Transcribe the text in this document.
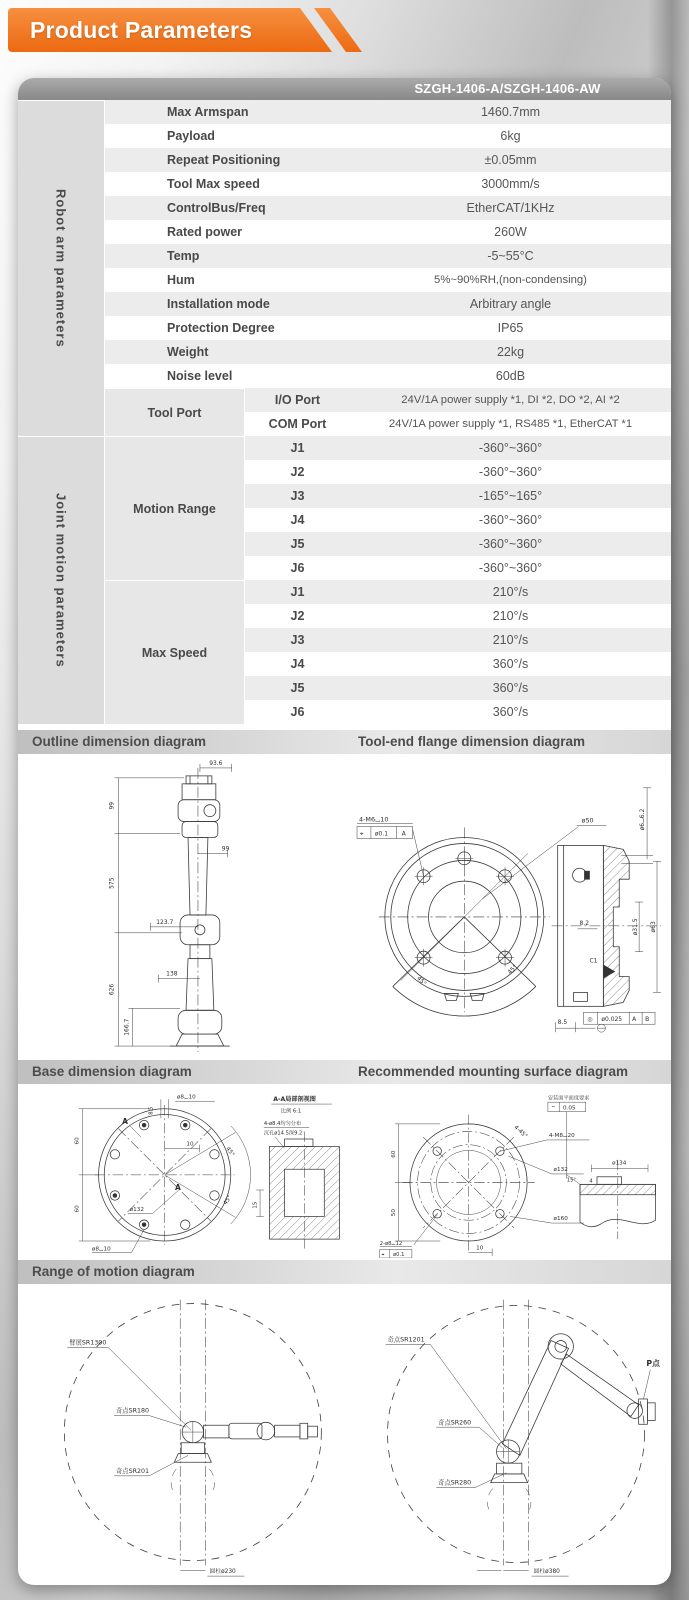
Product Parameters
SZGH-1406-A/SZGH-1406-AW
Robot arm parameters
Joint motion parameters
Max Armspan	1460.7mm
Payload	6kg
Repeat Positioning	±0.05mm
Tool Max speed	3000mm/s
ControlBus/Freq	EtherCAT/1KHz
Rated power	260W
Temp	-5~55°C
Hum	5%~90%RH,(non-condensing)
Installation mode	Arbitrary angle
Protection Degree	IP65
Weight	22kg
Noise level	60dB
Tool Port
I/O Port	24V/1A power supply *1, DI *2, DO *2, AI *2
COM Port	24V/1A power supply *1, RS485 *1, EtherCAT *1
Motion Range
J1	-360°~360°
J2	-360°~360°
J3	-165°~165°
J4	-360°~360°
J5	-360°~360°
J6	-360°~360°
Max Speed
J1	210°/s
J2	210°/s
J3	210°/s
J4	360°/s
J5	360°/s
J6	360°/s
Outline dimension diagram	Tool-end flange dimension diagram
93.6
99
575
626
166.7
99
123.7
138
4-M6⌴10
⌖ ø0.1 A
ø50
45°
45°
ø6⌴6.2
8.2	ø31.5 ø63
C1
◎ ø0.025 A B
8.5
Base dimension diagram	Recommended mounting surface diagram
ø8⌴10
8.5
10
60
60
A
A
ø132
ø8⌴10
45°
45°
A-A局部剖视图
比例 6:1
4-ø8.4均匀分布
沉孔ø14.5深9.2
15
60
50
4-45°	4-M8⌴20
ø132
ø160
2-ø8⌴12
⌖ ø0.1
10
安装面平面度要求
⌔ 0.05
ø134
4
15°
Range of motion diagram
臂展SR1300
奇点SR180
奇点SR201
圆柱ø230
奇点SR1201
奇点SR260
奇点SR280
P点
圆柱ø380
